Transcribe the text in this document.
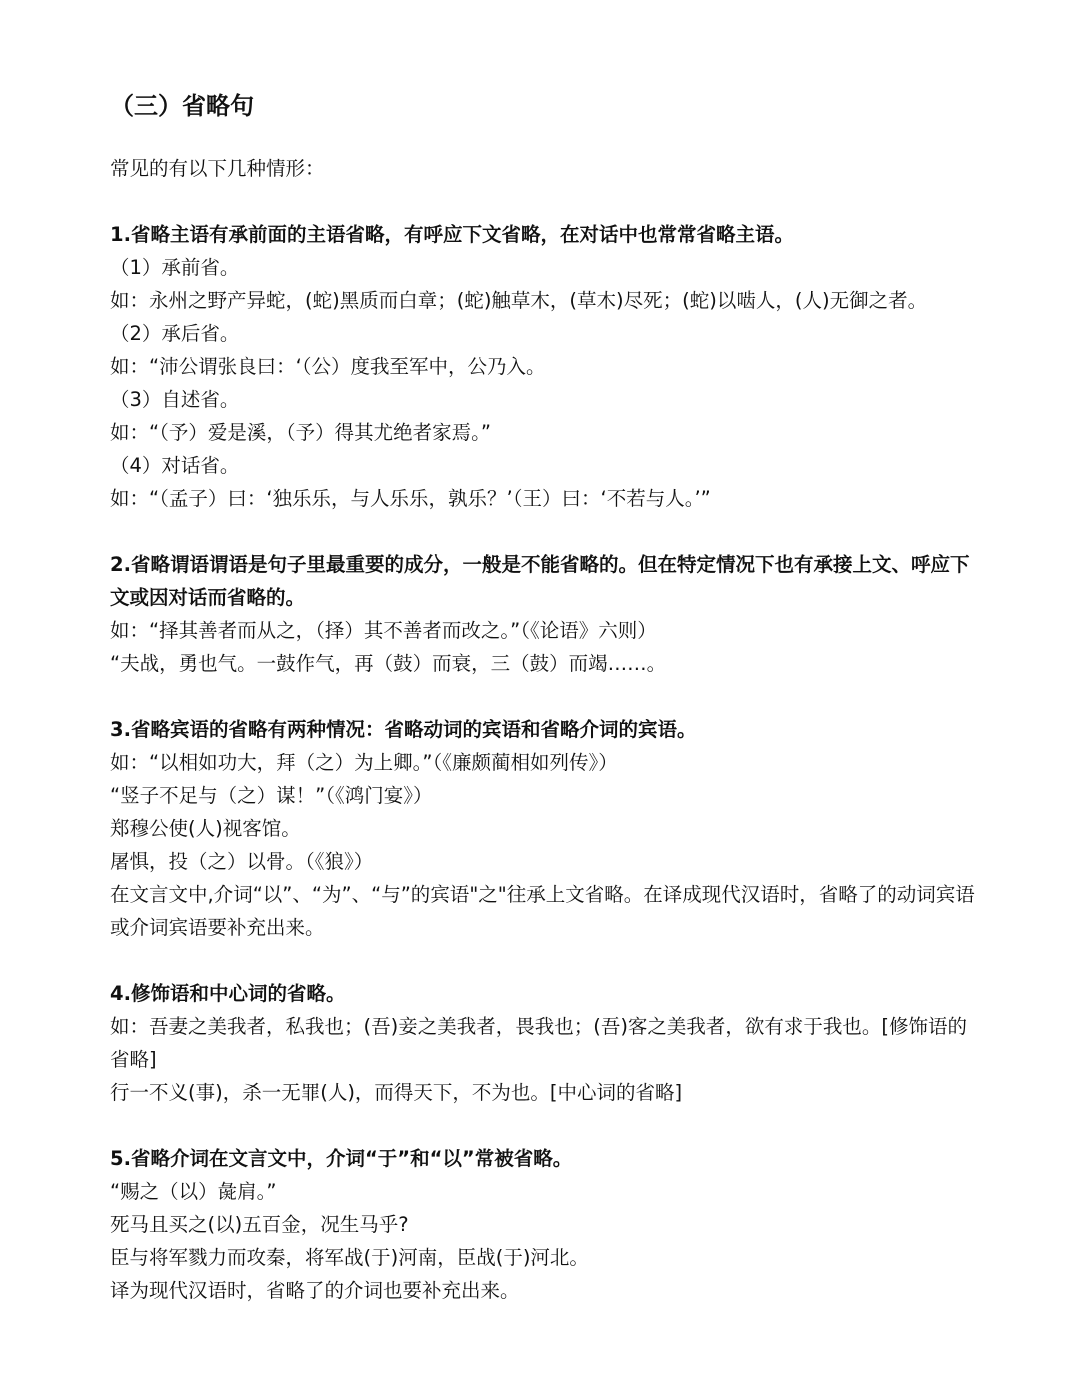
（三）省略句
常见的有以下几种情形：
1.省略主语有承前面的主语省略，有呼应下文省略，在对话中也常常省略主语。
（1）承前省。
如：永州之野产异蛇，(蛇)黑质而白章；(蛇)触草木，(草木)尽死；(蛇)以啮人，(人)无御之者。
（2）承后省。
如：“沛公谓张良曰：‘（公）度我至军中，公乃入。
（3）自述省。
如：“（予）爱是溪，（予）得其尤绝者家焉。”
（4）对话省。
如：“（孟子）曰：‘独乐乐，与人乐乐，孰乐？’（王）曰：‘不若与人。’”
2.省略谓语谓语是句子里最重要的成分，一般是不能省略的。但在特定情况下也有承接上文、呼应下文或因对话而省略的。
如：“择其善者而从之，（择）其不善者而改之。”（《论语》六则）
“夫战，勇也气。一鼓作气，再（鼓）而衰，三（鼓）而竭……。
3.省略宾语的省略有两种情况：省略动词的宾语和省略介词的宾语。
如：“以相如功大，拜（之）为上卿。”（《廉颇蔺相如列传》）
“竖子不足与（之）谋！”（《鸿门宴》）
郑穆公使(人)视客馆。
屠惧，投（之）以骨。（《狼》）
在文言文中,介词“以”、“为”、“与”的宾语"之"往承上文省略。在译成现代汉语时，省略了的动词宾语或介词宾语要补充出来。
4.修饰语和中心词的省略。
如：吾妻之美我者，私我也；(吾)妾之美我者，畏我也；(吾)客之美我者，欲有求于我也。[修饰语的省略]
行一不义(事)，杀一无罪(人)，而得天下，不为也。[中心词的省略]
5.省略介词在文言文中，介词“于”和“以”常被省略。
“赐之（以）彘肩。”
死马且买之(以)五百金，况生马乎?
臣与将军戮力而攻秦，将军战(于)河南，臣战(于)河北。
译为现代汉语时，省略了的介词也要补充出来。
